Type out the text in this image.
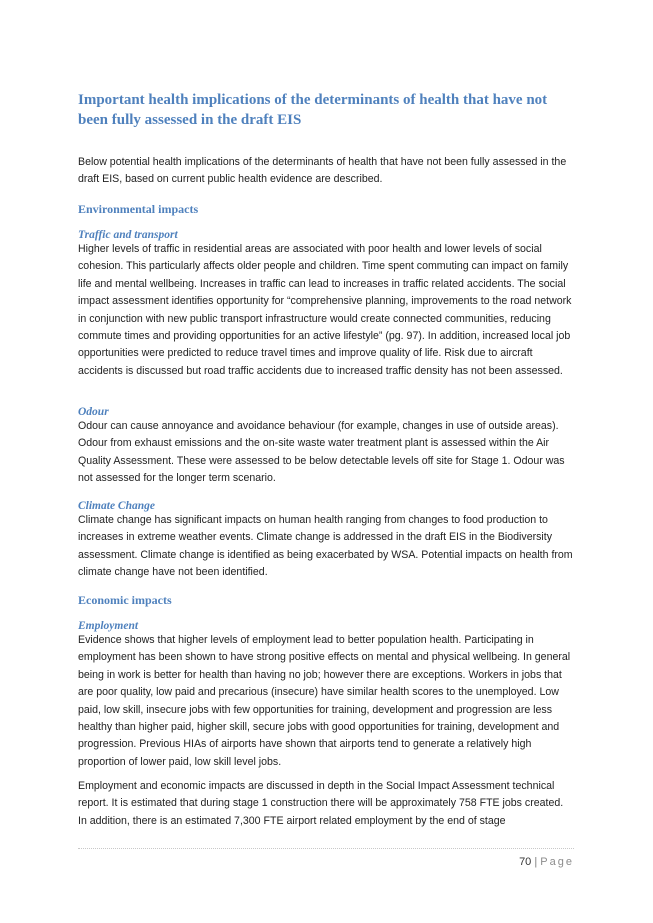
Important health implications of the determinants of health that have not been fully assessed in the draft EIS

Below potential health implications of the determinants of health that have not been fully assessed in the draft EIS, based on current public health evidence are described.

Environmental impacts
Traffic and transport

Higher levels of traffic in residential areas are associated with poor health and lower levels of social cohesion. This particularly affects older people and children. Time spent commuting can impact on family life and mental wellbeing. Increases in traffic can lead to increases in traffic related accidents. The social impact assessment identifies opportunity for “comprehensive planning, improvements to the road network in conjunction with new public transport infrastructure would create connected communities, reducing commute times and providing opportunities for an active lifestyle” (pg. 97). In addition, increased local job opportunities were predicted to reduce travel times and improve quality of life. Risk due to aircraft accidents is discussed but road traffic accidents due to increased traffic density has not been assessed.

Odour

Odour can cause annoyance and avoidance behaviour (for example, changes in use of outside areas). Odour from exhaust emissions and the on-site waste water treatment plant is assessed within the Air Quality Assessment. These were assessed to be below detectable levels off site for Stage 1. Odour was not assessed for the longer term scenario.

Climate Change

Climate change has significant impacts on human health ranging from changes to food production to increases in extreme weather events. Climate change is addressed in the draft EIS in the Biodiversity assessment. Climate change is identified as being exacerbated by WSA. Potential impacts on health from climate change have not been identified.

Economic impacts
Employment

Evidence shows that higher levels of employment lead to better population health. Participating in employment has been shown to have strong positive effects on mental and physical wellbeing. In general being in work is better for health than having no job; however there are exceptions. Workers in jobs that are poor quality, low paid and precarious (insecure) have similar health scores to the unemployed. Low paid, low skill, insecure jobs with few opportunities for training, development and progression are less healthy than higher paid, higher skill, secure jobs with good opportunities for training, development and progression. Previous HIAs of airports have shown that airports tend to generate a relatively high proportion of lower paid, low skill level jobs.

Employment and economic impacts are discussed in depth in the Social Impact Assessment technical report. It is estimated that during stage 1 construction there will be approximately 758 FTE jobs created. In addition, there is an estimated 7,300 FTE airport related employment by the end of stage

70 | Page
